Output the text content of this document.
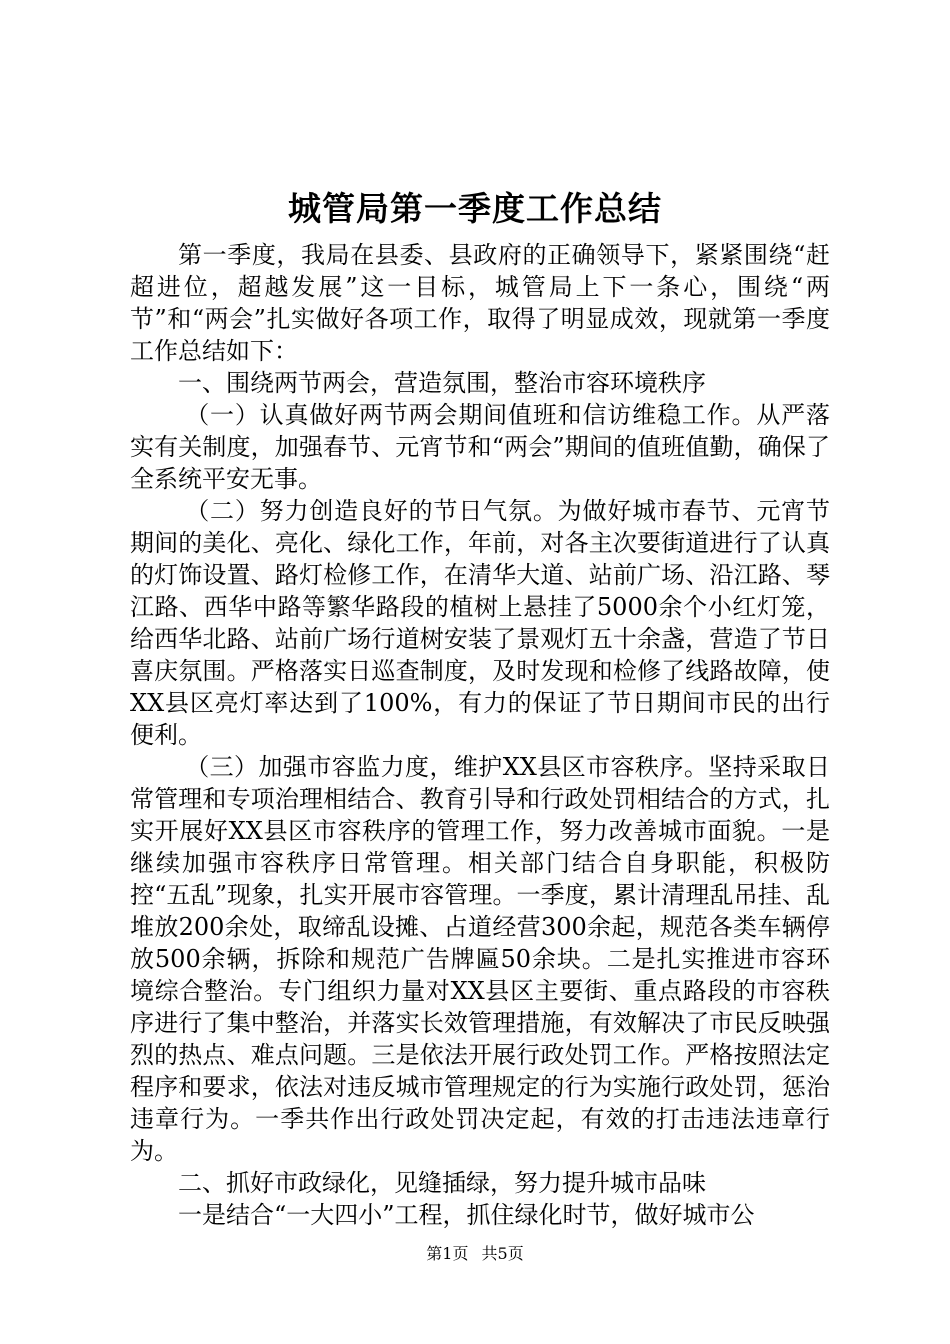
城管局第一季度工作总结

第一季度，我局在县委、县政府的正确领导下，紧紧围绕“赶超进位，超越发展”这一目标，城管局上下一条心，围绕“两节”和“两会”扎实做好各项工作，取得了明显成效，现就第一季度工作总结如下：

一、围绕两节两会，营造氛围，整治市容环境秩序

（一）认真做好两节两会期间值班和信访维稳工作。从严落实有关制度，加强春节、元宵节和“两会”期间的值班值勤，确保了全系统平安无事。

（二）努力创造良好的节日气氛。为做好城市春节、元宵节期间的美化、亮化、绿化工作，年前，对各主次要街道进行了认真的灯饰设置、路灯检修工作，在清华大道、站前广场、沿江路、琴江路、西华中路等繁华路段的植树上悬挂了5000余个小红灯笼，给西华北路、站前广场行道树安装了景观灯五十余盏，营造了节日喜庆氛围。严格落实日巡查制度，及时发现和检修了线路故障，使XX县区亮灯率达到了100%，有力的保证了节日期间市民的出行便利。

（三）加强市容监力度，维护XX县区市容秩序。坚持采取日常管理和专项治理相结合、教育引导和行政处罚相结合的方式，扎实开展好XX县区市容秩序的管理工作，努力改善城市面貌。一是继续加强市容秩序日常管理。相关部门结合自身职能，积极防控“五乱”现象，扎实开展市容管理。一季度，累计清理乱吊挂、乱堆放200余处，取缔乱设摊、占道经营300余起，规范各类车辆停放500余辆，拆除和规范广告牌匾50余块。二是扎实推进市容环境综合整治。专门组织力量对XX县区主要街、重点路段的市容秩序进行了集中整治，并落实长效管理措施，有效解决了市民反映强烈的热点、难点问题。三是依法开展行政处罚工作。严格按照法定程序和要求，依法对违反城市管理规定的行为实施行政处罚，惩治违章行为。一季共作出行政处罚决定起，有效的打击违法违章行为。

二、抓好市政绿化，见缝插绿，努力提升城市品味

一是结合“一大四小”工程，抓住绿化时节，做好城市公

第1页 共5页
